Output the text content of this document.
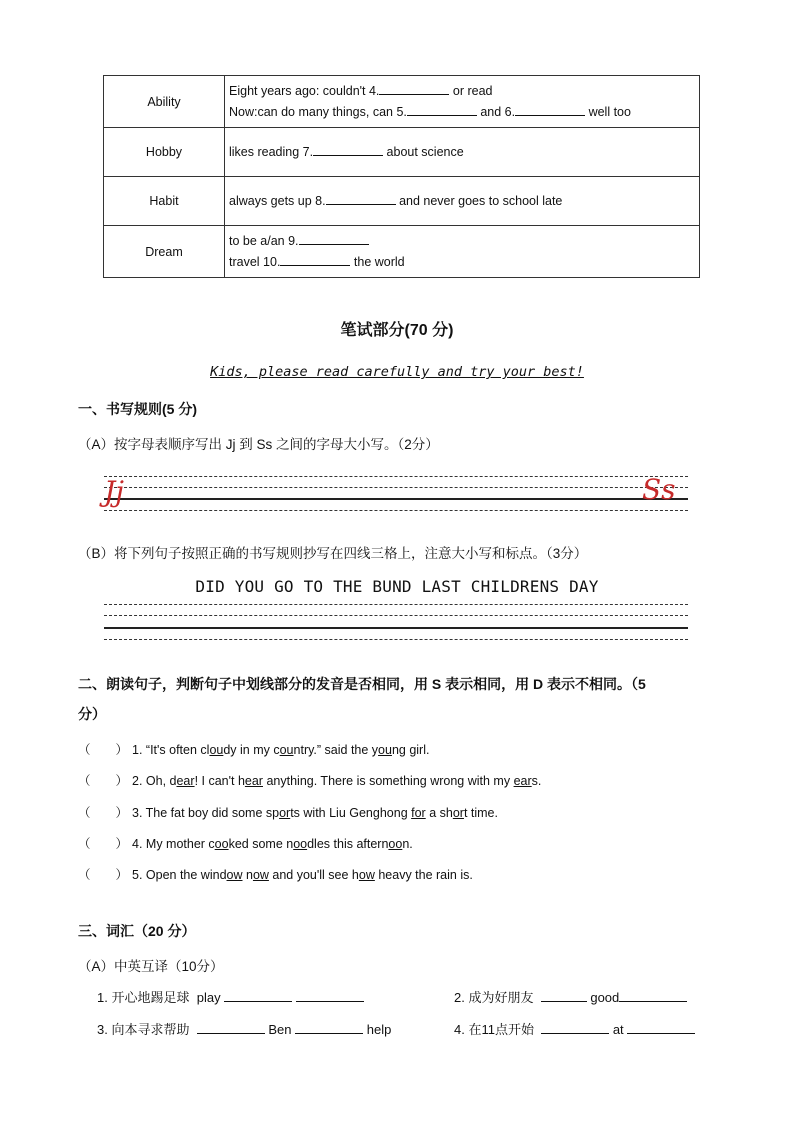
Ability	Eight years ago: couldn't 4. or read
Now:can do many things, can 5. and 6. well too

Hobby	likes reading 7. about science
Habit	always gets up 8. and never goes to school late
Dream	to be a/an 9.
travel 10. the world
笔试部分(70 分)
Kids, please read carefully and try your best!
一、书写规则(5 分)
（A）按字母表顺序写出 Jj 到 Ss 之间的字母大小写。（2分）
Jj	Ss
（B）将下列句子按照正确的书写规则抄写在四线三格上，注意大小写和标点。（3分）
DID YOU GO TO THE BUND LAST CHILDRENS DAY
二、朗读句子，判断句子中划线部分的发音是否相同，用 S 表示相同，用 D 表示不相同。（5
分）
（　　） 1. “It's often cloudy in my country.” said the young girl.
（　　） 2. Oh, dear! I can't hear anything. There is something wrong with my ears.
（　　） 3. The fat boy did some sports with Liu Genghong for a short time.
（　　） 4. My mother cooked some noodles this afternoon.
（　　） 5. Open the window now and you'll see how heavy the rain is.
三、词汇（20 分）
（A）中英互译（10分）
1. 开心地踢足球 play	2. 成为好朋友	good
3. 向本寻求帮助	Ben	help	4. 在11点开始	at
